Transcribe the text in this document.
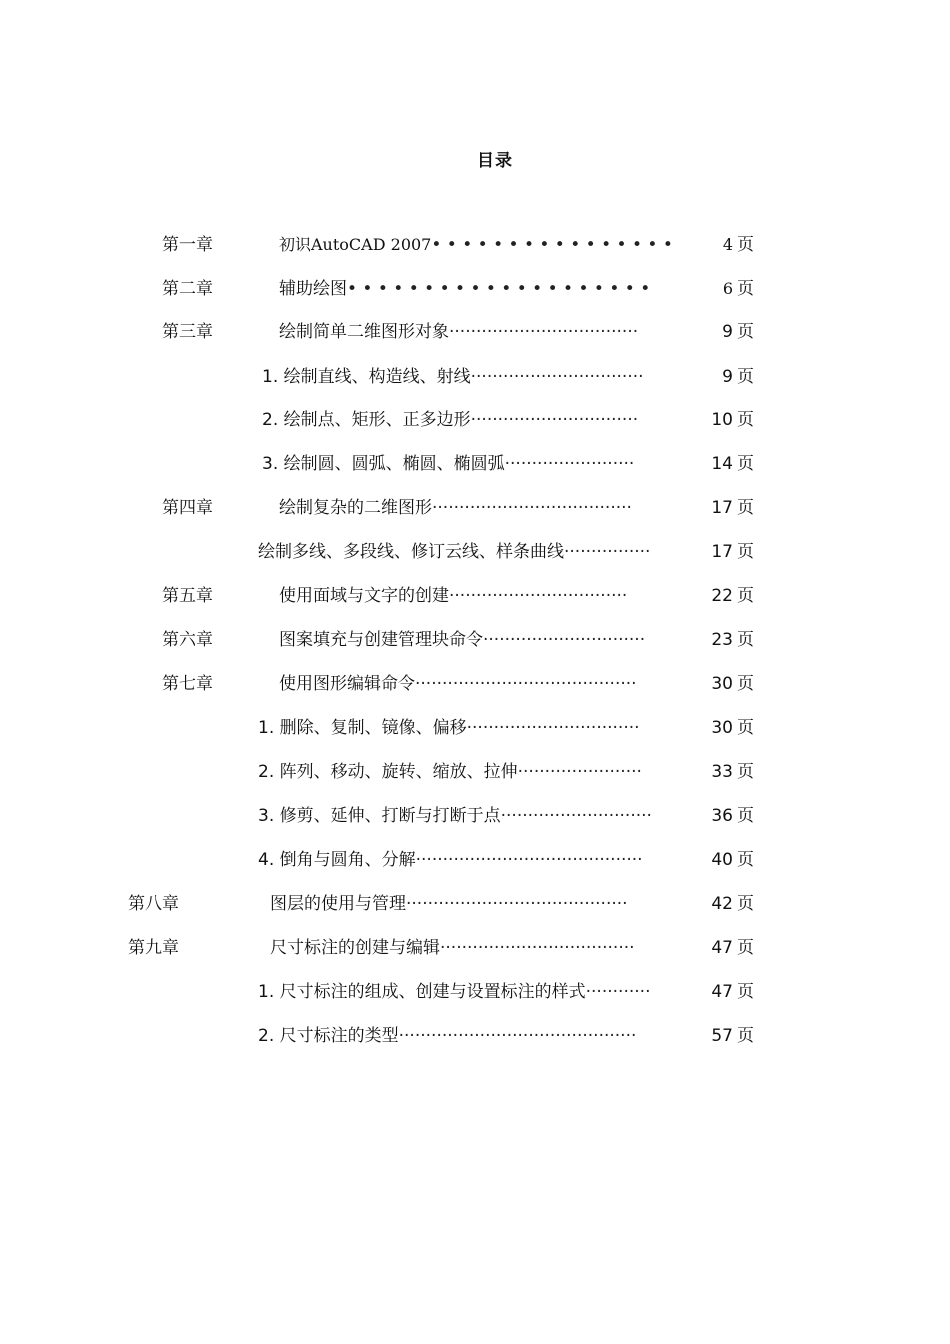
目录
第一章	初识AutoCAD 2007 • • • • • • • • • • • • • • • •	4 页
第二章	辅助绘图 • • • • • • • • • • • • • • • • • • • •	6 页
第三章	绘制简单二维图形对象 ···································	9 页
1. 绘制直线、构造线、射线 ································	9 页
2. 绘制点、矩形、正多边形 ·······························	10 页
3. 绘制圆、圆弧、椭圆、椭圆弧 ························	14 页
第四章	绘制复杂的二维图形 ·····································	17 页
绘制多线、多段线、修订云线、样条曲线 ················	17 页
第五章	使用面域与文字的创建 ·································	22 页
第六章	图案填充与创建管理块命令 ······························	23 页
第七章	使用图形编辑命令 ·········································	30 页
1. 删除、复制、镜像、偏移 ································	30 页
2. 阵列、移动、旋转、缩放、拉伸 ·······················	33 页
3. 修剪、延伸、打断与打断于点 ····························	36 页
4. 倒角与圆角、分解 ··········································	40 页
第八章	图层的使用与管理 ·········································	42 页
第九章	尺寸标注的创建与编辑 ····································	47 页
1. 尺寸标注的组成、创建与设置标注的样式 ············	47 页
2. 尺寸标注的类型 ············································	57 页
